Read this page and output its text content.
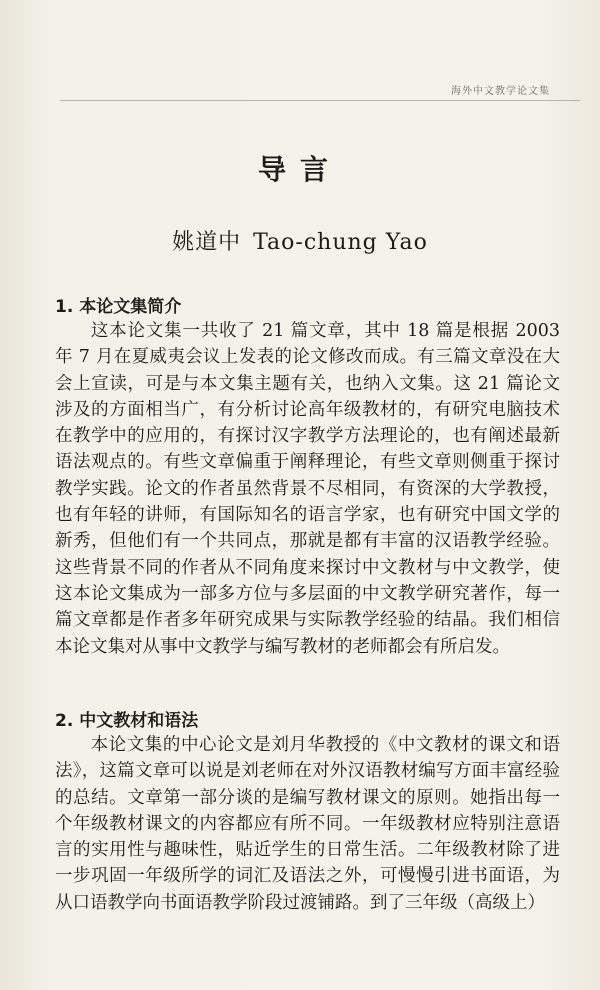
海外中文教学论文集
导言
姚道中 Tao-chung Yao
1. 本论文集简介

这本论文集一共收了 21 篇文章，其中 18 篇是根据 2003 年 7 月在夏威夷会议上发表的论文修改而成。有三篇文章没在大会上宣读，可是与本文集主题有关，也纳入文集。这 21 篇论文涉及的方面相当广，有分析讨论高年级教材的，有研究电脑技术在教学中的应用的，有探讨汉字教学方法理论的，也有阐述最新语法观点的。有些文章偏重于阐释理论，有些文章则侧重于探讨教学实践。论文的作者虽然背景不尽相同，有资深的大学教授，也有年轻的讲师，有国际知名的语言学家，也有研究中国文学的新秀，但他们有一个共同点，那就是都有丰富的汉语教学经验。这些背景不同的作者从不同角度来探讨中文教材与中文教学，使这本论文集成为一部多方位与多层面的中文教学研究著作，每一篇文章都是作者多年研究成果与实际教学经验的结晶。我们相信本论文集对从事中文教学与编写教材的老师都会有所启发。

2. 中文教材和语法

本论文集的中心论文是刘月华教授的《中文教材的课文和语法》，这篇文章可以说是刘老师在对外汉语教材编写方面丰富经验的总结。文章第一部分谈的是编写教材课文的原则。她指出每一个年级教材课文的内容都应有所不同。一年级教材应特别注意语言的实用性与趣味性，贴近学生的日常生活。二年级教材除了进一步巩固一年级所学的词汇及语法之外，可慢慢引进书面语，为从口语教学向书面语教学阶段过渡铺路。到了三年级（高级上）
